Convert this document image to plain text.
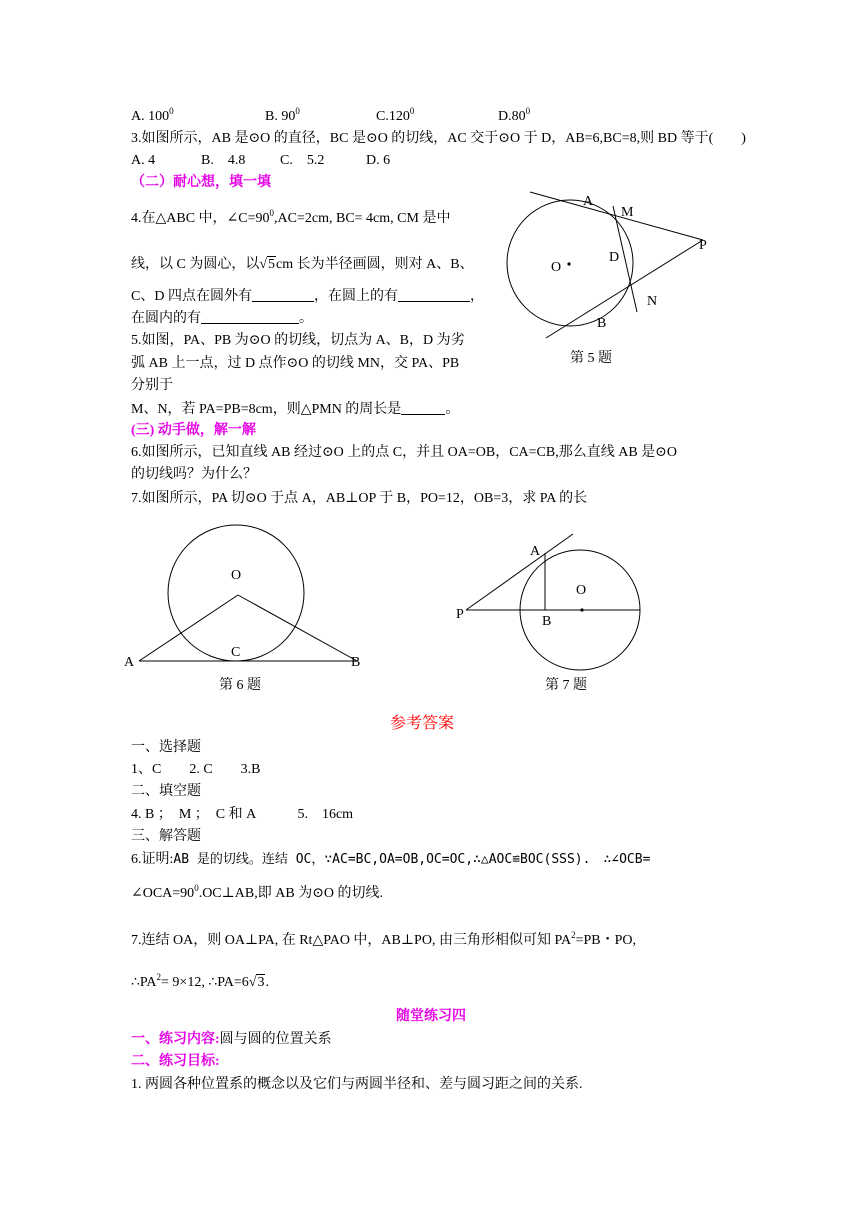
A. $100^0$	B. $90^0$	C.120$^0$	$D.80^0$
3.如图所示，AB 是⊙O 的直径，BC 是⊙O 的切线，AC 交于⊙O 于 D，AB=6,BC=8,则 BD 等于(　　)
A. 4	B.　4.8 C.　5.2	D. 6
（二）耐心想，填一填
4.在△ABC 中，$\angle C=90^0,AC=2cm$, BC= 4cm, CM 是中
线，以 C 为圆心，以√5cm 长为半径画圆，则对 A、B、
C、D 四点在圆外有	，在圆上的有	，
在圆内的有	。
5.如图，PA、PB 为⊙O 的切线，切点为 A、B，D 为劣
弧 AB 上一点，过 D 点作⊙O 的切线 MN，交 PA、PB
分别于
M、N，若 PA=PB=8cm，则△PMN 的周长是	。
A
M
O
D
P
N
B
第 5 题
(三) 动手做，解一解
6.如图所示，已知直线 AB 经过⊙O 上的点 C，并且 OA=OB，CA=CB,那么直线 AB 是⊙O
的切线吗？为什么？
7.如图所示，PA 切⊙O 于点 A，AB⊥OP 于 B，PO=12，OB=3，求 PA 的长
O
C
A	B
第 6 题
A
O
P	B
第 7 题
参考答案
一、选择题
1、C　　2. C　　3.B
二、填空题
4. B ；　M ；　C 和 A　　　5.　16cm
三、解答题
6.证明:AB 是的切线。连结 OC，∵AC=BC,OA=OB,OC=OC,∴△AOC≌BOC(SSS).　∴∠OCB=
$\angle OCA=90^0.OC\perp AB$,即 AB 为⊙O 的切线.
7.连结 OA，则 OA⊥PA, 在 Rt△PAO 中，AB⊥PO, 由三角形相似可知 $PA^2=PB$・PO,
$\therefore PA^2= 9\times 12$, ∴PA=6√3.
随堂练习四
一、练习内容:圆与圆的位置关系
二、练习目标:
1. 两圆各种位置系的概念以及它们与两圆半径和、差与圆习距之间的关系.
